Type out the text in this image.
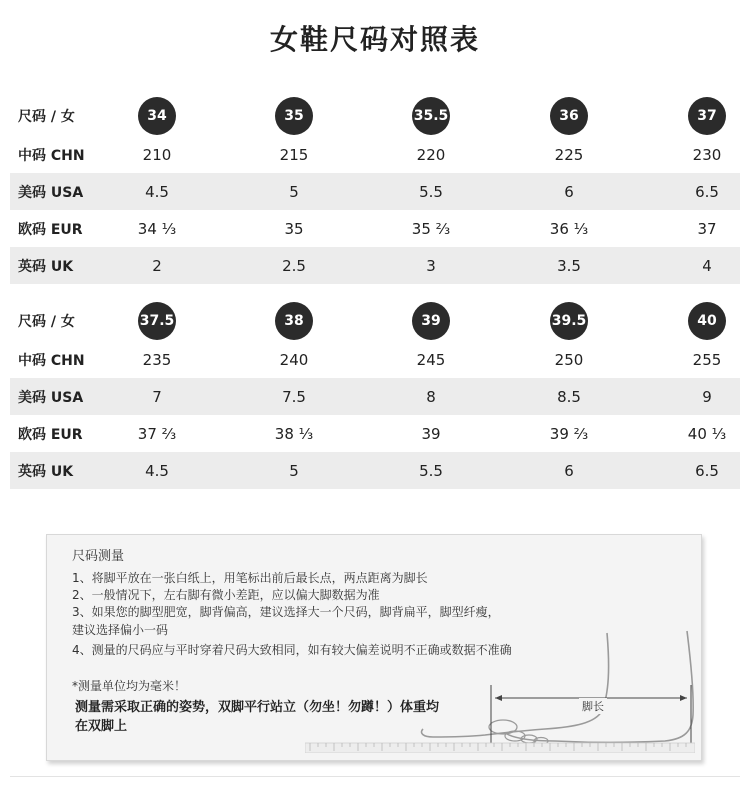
女鞋尺码对照表
尺码 / 女	34	35	35.5	36	37
中码 CHN	210	215	220	225	230
美码 USA	4.5	5	5.5	6	6.5
欧码 EUR	34 ⅓	35	35 ⅔	36 ⅓	37
英码 UK	2	2.5	3	3.5	4
尺码 / 女	37.5	38	39	39.5	40
中码 CHN	235	240	245	250	255
美码 USA	7	7.5	8	8.5	9
欧码 EUR	37 ⅔	38 ⅓	39	39 ⅔	40 ⅓
英码 UK	4.5	5	5.5	6	6.5
尺码测量
1、将脚平放在一张白纸上，用笔标出前后最长点，两点距离为脚长
2、一般情况下，左右脚有微小差距，应以偏大脚数据为准
3、如果您的脚型肥宽，脚背偏高，建议选择大一个尺码，脚背扁平，脚型纤瘦，
建议选择偏小一码
4、测量的尺码应与平时穿着尺码大致相同，如有较大偏差说明不正确或数据不准确
*测量单位均为毫米！
测量需采取正确的姿势，双脚平行站立（勿坐！勿蹲！）体重均
在双脚上
脚长
